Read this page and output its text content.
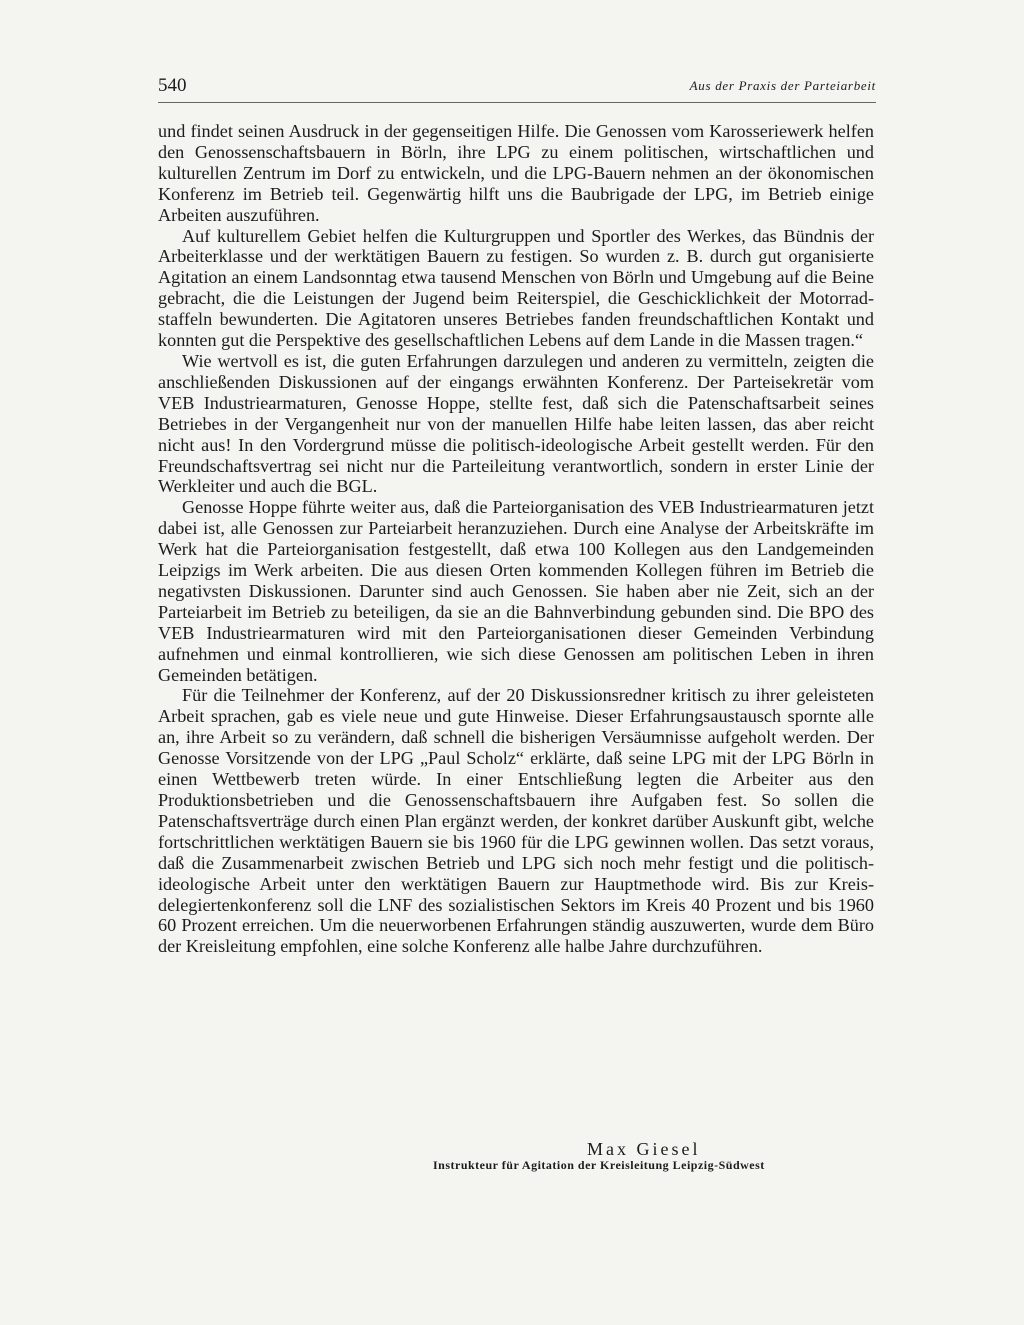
540	Aus der Praxis der Parteiarbeit

und findet seinen Ausdruck in der gegenseitigen Hilfe. Die Genossen vom Karosseriewerk helfen den Genossenschaftsbauern in Börln, ihre LPG zu einem politischen, wirtschaftlichen und kulturellen Zentrum im Dorf zu entwickeln, und die LPG-Bauern nehmen an der ökonomischen Konferenz im Betrieb teil. Gegenwärtig hilft uns die Baubrigade der LPG, im Betrieb einige Arbeiten auszuführen.

Auf kulturellem Gebiet helfen die Kulturgruppen und Sportler des Werkes, das Bündnis der Arbeiterklasse und der werktätigen Bauern zu festigen. So wurden z. B. durch gut organisierte Agitation an einem Landsonntag etwa tausend Menschen von Börln und Umgebung auf die Beine gebracht, die die Leistungen der Jugend beim Reiterspiel, die Geschicklichkeit der Motorradstaffeln bewunderten. Die Agitatoren unseres Betriebes fanden freundschaftlichen Kontakt und konnten gut die Perspektive des gesellschaftlichen Lebens auf dem Lande in die Massen tragen.“

Wie wertvoll es ist, die guten Erfahrungen darzulegen und anderen zu vermitteln, zeigten die anschließenden Diskussionen auf der eingangs erwähnten Konferenz. Der Parteisekretär vom VEB Industriearmaturen, Genosse Hoppe, stellte fest, daß sich die Patenschaftsarbeit seines Betriebes in der Vergangenheit nur von der manuellen Hilfe habe leiten lassen, das aber reicht nicht aus! In den Vordergrund müsse die politisch-ideologische Arbeit gestellt werden. Für den Freundschaftsvertrag sei nicht nur die Parteileitung verantwortlich, sondern in erster Linie der Werkleiter und auch die BGL.

Genosse Hoppe führte weiter aus, daß die Parteiorganisation des VEB Industriearmaturen jetzt dabei ist, alle Genossen zur Parteiarbeit heranzuziehen. Durch eine Analyse der Arbeitskräfte im Werk hat die Parteiorganisation festgestellt, daß etwa 100 Kollegen aus den Landgemeinden Leipzigs im Werk arbeiten. Die aus diesen Orten kommenden Kollegen führen im Betrieb die negativsten Diskussionen. Darunter sind auch Genossen. Sie haben aber nie Zeit, sich an der Parteiarbeit im Betrieb zu beteiligen, da sie an die Bahnverbindung gebunden sind. Die BPO des VEB Industriearmaturen wird mit den Parteiorganisationen dieser Gemeinden Verbindung aufnehmen und einmal kontrollieren, wie sich diese Genossen am politischen Leben in ihren Gemeinden betätigen.

Für die Teilnehmer der Konferenz, auf der 20 Diskussionsredner kritisch zu ihrer geleisteten Arbeit sprachen, gab es viele neue und gute Hinweise. Dieser Erfahrungsaustausch spornte alle an, ihre Arbeit so zu verändern, daß schnell die bisherigen Versäumnisse aufgeholt werden. Der Genosse Vorsitzende von der LPG „Paul Scholz“ erklärte, daß seine LPG mit der LPG Börln in einen Wettbewerb treten würde. In einer Entschließung legten die Arbeiter aus den Produktionsbetrieben und die Genossenschaftsbauern ihre Aufgaben fest. So sollen die Patenschaftsverträge durch einen Plan ergänzt werden, der konkret darüber Auskunft gibt, welche fortschrittlichen werktätigen Bauern sie bis 1960 für die LPG gewinnen wollen. Das setzt voraus, daß die Zusammenarbeit zwischen Betrieb und LPG sich noch mehr festigt und die politisch-ideologische Arbeit unter den werktätigen Bauern zur Hauptmethode wird. Bis zur Kreisdelegiertenkonferenz soll die LNF des sozialistischen Sektors im Kreis 40 Prozent und bis 1960 60 Prozent erreichen. Um die neuerworbenen Erfahrungen ständig auszuwerten, wurde dem Büro der Kreisleitung empfohlen, eine solche Konferenz alle halbe Jahre durchzuführen.

Max Giesel
Instrukteur für Agitation der Kreisleitung Leipzig-Südwest
